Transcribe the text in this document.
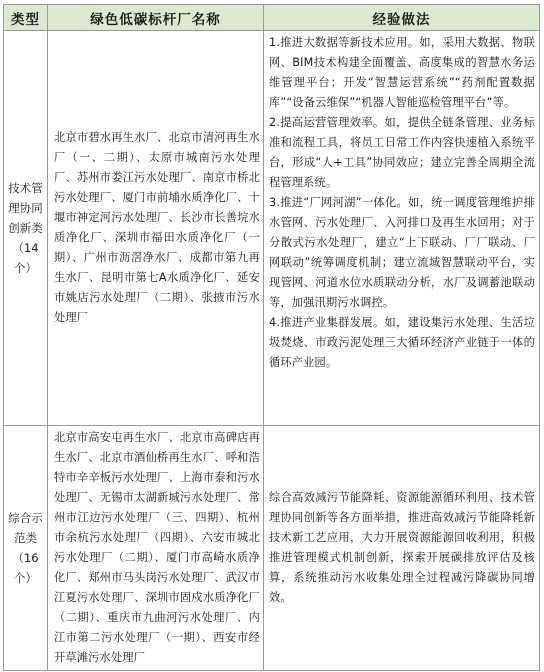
类型	绿色低碳标杆厂名称	经验做法
技术管理协同创新类（14个）	北京市碧水再生水厂、北京市清河再生水厂（一、二期）、太原市城南污水处理厂、苏州市娄江污水处理厂、南京市桥北污水处理厂、厦门市前埔水质净化厂、十堰市神定河污水处理厂、长沙市长善垸水质净化厂、深圳市福田水质净化厂（一期）、广州市沥滘净水厂、成都市第九再生水厂、昆明市第七A水质净化厂、延安市姚店污水处理厂（二期）、张掖市污水处理厂	1.推进大数据等新技术应用。如，采用大数据、物联网、BIM技术构建全面覆盖、高度集成的智慧水务运维管理平台；开发“智慧运营系统”“药剂配置数据库”“设备云维保”“机器人智能巡检管理平台”等。

2.提高运营管理效率。如，提供全链条管理、业务标准和流程工具，将员工日常工作内容快速植入系统平台，形成“人+工具”协同效应；建立完善全周期全流程管理系统。

3.推进“厂网河湖”一体化。如，统一调度管理维护排水管网、污水处理厂、入河排口及再生水回用；对于分散式污水处理厂，建立“上下联动、厂厂联动、厂网联动”统筹调度机制；建立流域智慧联动平台，实现管网、河道水位水质联动分析，水厂及调蓄池联动等，加强汛期污水调控。

4.推进产业集群发展。如，建设集污水处理、生活垃圾焚烧、市政污泥处理三大循环经济产业链于一体的循环产业园。

综合示范类（16个）	北京市高安屯再生水厂、北京市高碑店再生水厂、北京市酒仙桥再生水厂、呼和浩特市辛辛板污水处理厂、上海市泰和污水处理厂、无锡市太湖新城污水处理厂、常州市江边污水处理厂（三、四期）、杭州市余杭污水处理厂（四期）、六安市城北污水处理厂（二期）、厦门市高崎水质净化厂、郑州市马头岗污水处理厂、武汉市江夏污水处理厂、深圳市固戍水质净化厂（二期）、重庆市九曲河污水处理厂、内江市第二污水处理厂（一期）、西安市经开草滩污水处理厂	综合高效减污节能降耗、资源能源循环利用、技术管理协同创新等各方面举措，推进高效减污节能降耗新技术新工艺应用，大力开展资源能源回收利用，积极推进管理模式机制创新，探索开展碳排放评估及核算，系统推动污水收集处理全过程减污降碳协同增效。
